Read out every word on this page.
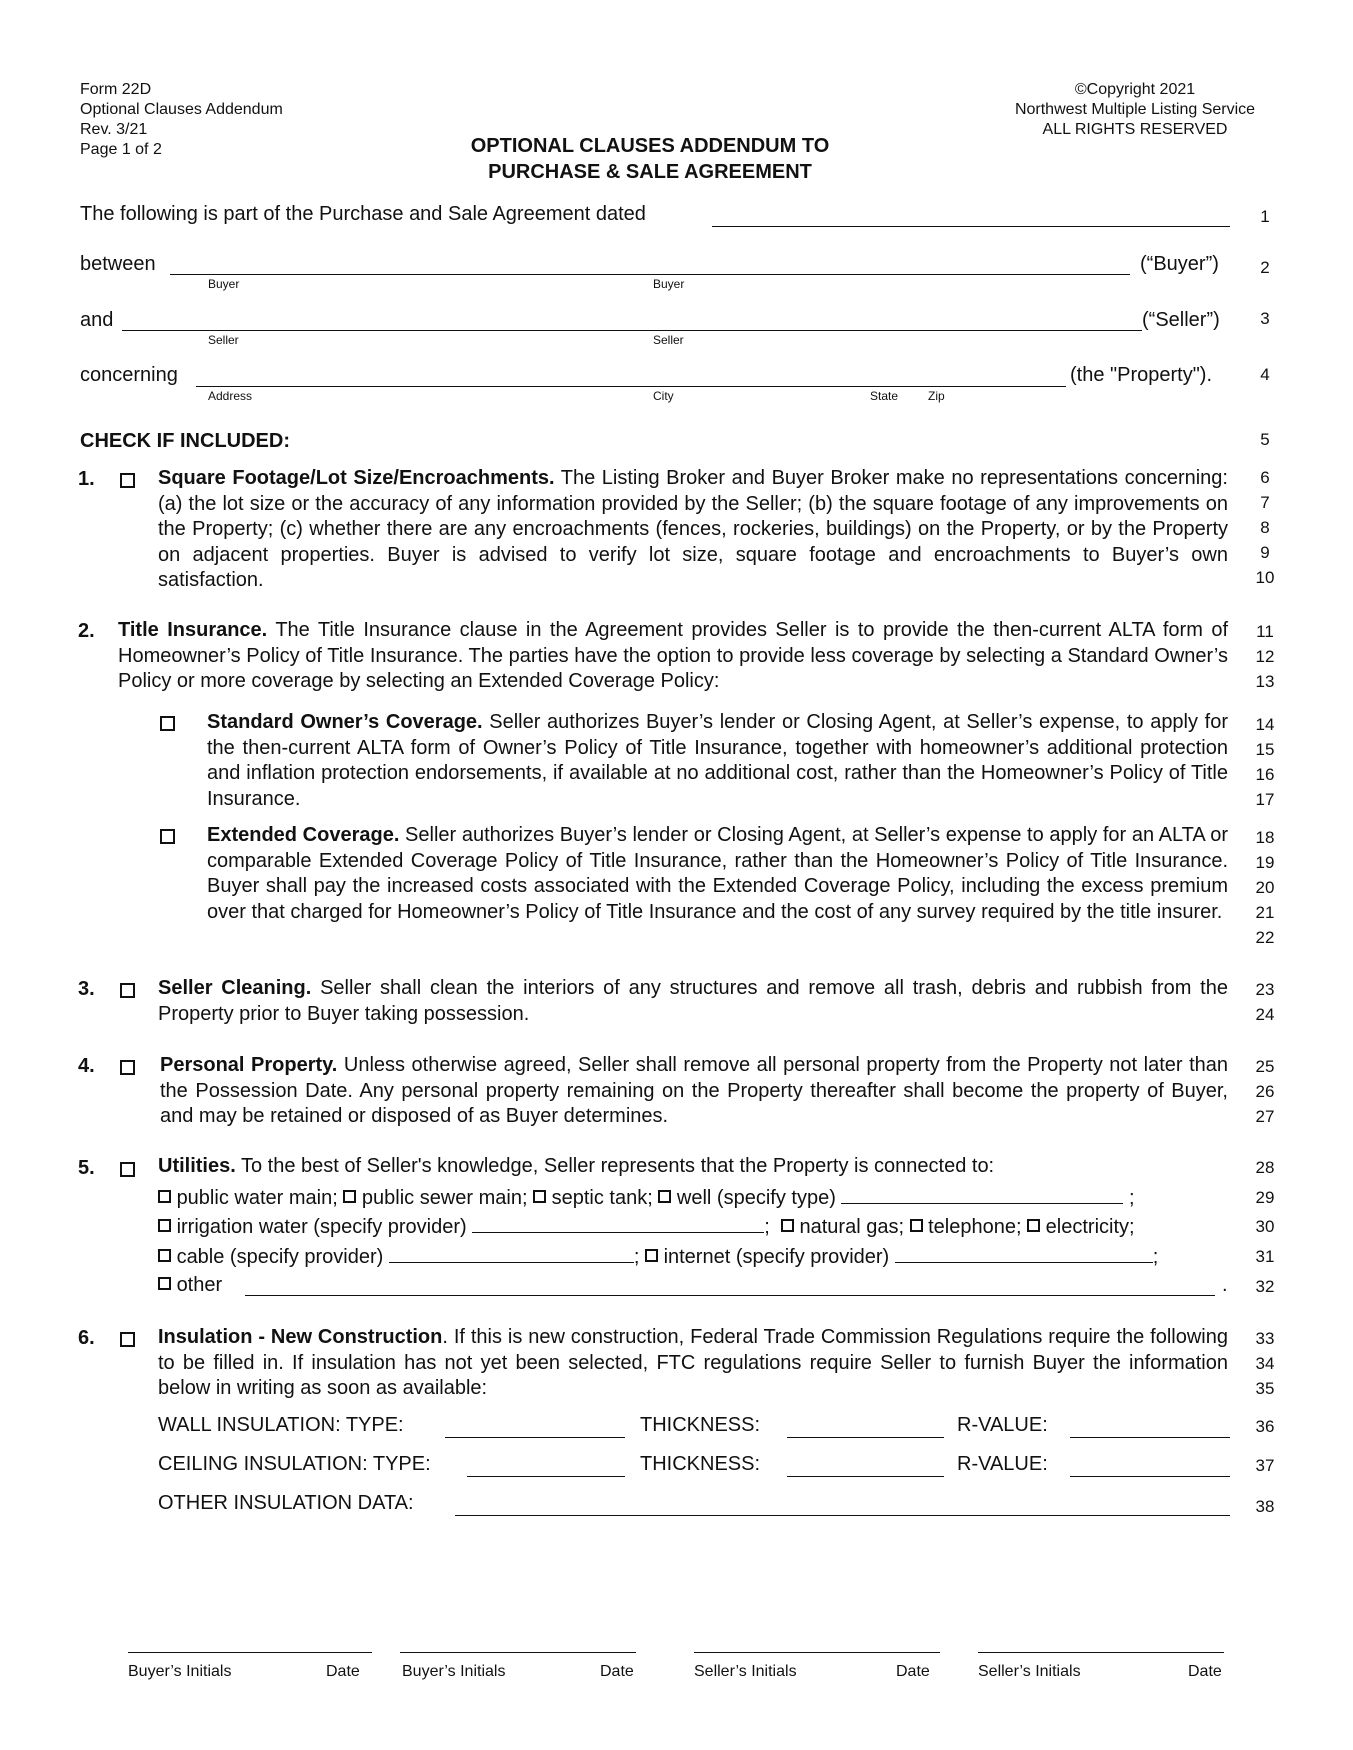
Form 22D
Optional Clauses Addendum
Rev. 3/21
Page 1 of 2
©Copyright 2021
Northwest Multiple Listing Service
ALL RIGHTS RESERVED
OPTIONAL CLAUSES ADDENDUM TO
PURCHASE & SALE AGREEMENT
1
2
3
4
5
6
7
8
9
10
11
12
13
14
15
16
17
18
19
20
21
22
23
24
25
26
27
28
29
30
31
32
33
34
35
36
37
38
The following is part of the Purchase and Sale Agreement dated
between	(“Buyer”)
Buyer	Buyer
and	(“Seller”)
Seller	Seller
concerning	(the "Property").
Address	City	State Zip
CHECK IF INCLUDED:
1.	Square Footage/Lot Size/Encroachments. The Listing Broker and Buyer Broker make no representations concerning: (a) the lot size or the accuracy of any information provided by the Seller; (b) the square footage of any improvements on the Property; (c) whether there are any encroachments (fences, rockeries, buildings) on the Property, or by the Property on adjacent properties. Buyer is advised to verify lot size, square footage and encroachments to Buyer’s own satisfaction.
2. Title Insurance. The Title Insurance clause in the Agreement provides Seller is to provide the then-current ALTA form of Homeowner’s Policy of Title Insurance. The parties have the option to provide less coverage by selecting a Standard Owner’s Policy or more coverage by selecting an Extended Coverage Policy:
Standard Owner’s Coverage. Seller authorizes Buyer’s lender or Closing Agent, at Seller’s expense, to apply for the then-current ALTA form of Owner’s Policy of Title Insurance, together with homeowner’s additional protection and inflation protection endorsements, if available at no additional cost, rather than the Homeowner’s Policy of Title Insurance.
Extended Coverage. Seller authorizes Buyer’s lender or Closing Agent, at Seller’s expense to apply for an ALTA or comparable Extended Coverage Policy of Title Insurance, rather than the Homeowner’s Policy of Title Insurance. Buyer shall pay the increased costs associated with the Extended Coverage Policy, including the excess premium over that charged for Homeowner’s Policy of Title Insurance and the cost of any survey required by the title insurer.
3.	Seller Cleaning. Seller shall clean the interiors of any structures and remove all trash, debris and rubbish from the Property prior to Buyer taking possession.
4.	Personal Property. Unless otherwise agreed, Seller shall remove all personal property from the Property not later than the Possession Date. Any personal property remaining on the Property thereafter shall become the property of Buyer, and may be retained or disposed of as Buyer determines.
5.	Utilities. To the best of Seller's knowledge, Seller represents that the Property is connected to:
public water main; public sewer main; septic tank; well (specify type)	;
irrigation water (specify provider)	; natural gas; telephone; electricity;
cable (specify provider)	; internet (specify provider)	;
other	.
6.	Insulation - New Construction. If this is new construction, Federal Trade Commission Regulations require the following to be filled in. If insulation has not yet been selected, FTC regulations require Seller to furnish Buyer the information below in writing as soon as available:
WALL INSULATION: TYPE:	THICKNESS:	R-VALUE:
CEILING INSULATION: TYPE:	THICKNESS:	R-VALUE:
OTHER INSULATION DATA:
Buyer’s Initials	Date	Buyer’s Initials	Date	Seller’s Initials	Date	Seller’s Initials	Date
